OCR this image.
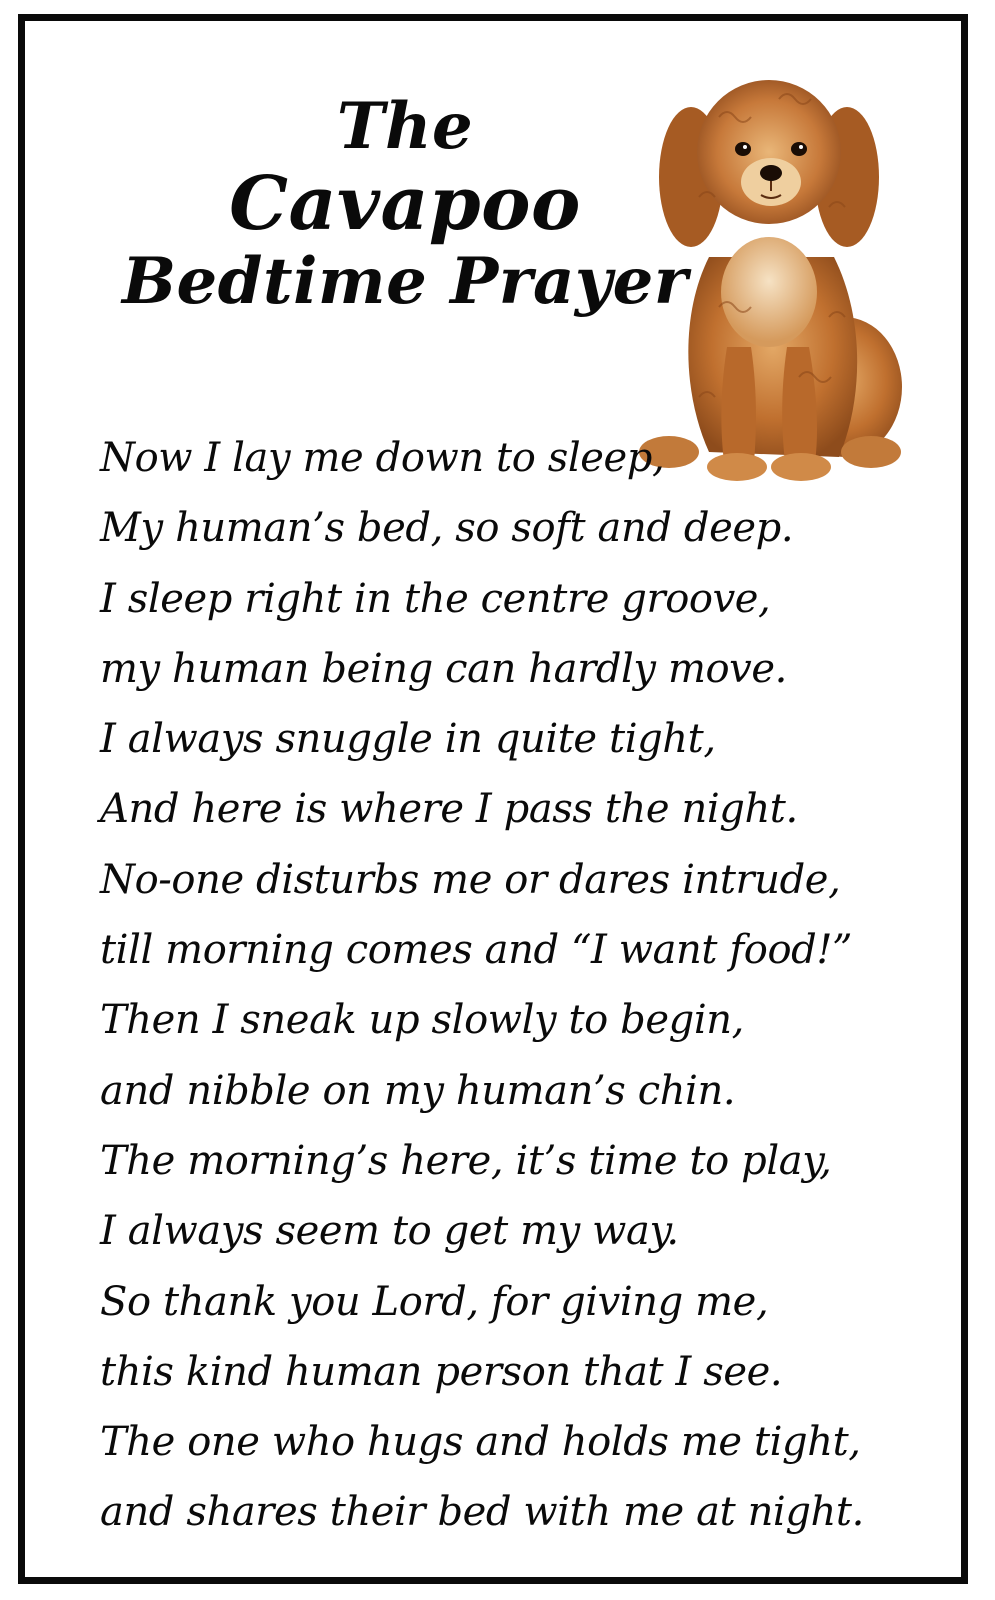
The
Cavapoo
Bedtime Prayer
Now I lay me down to sleep,
My human’s bed, so soft and deep.
I sleep right in the centre groove,
my human being can hardly move.
I always snuggle in quite tight,
And here is where I pass the night.
No-one disturbs me or dares intrude,
till morning comes and “I want food!”
Then I sneak up slowly to begin,
and nibble on my human’s chin.
The morning’s here, it’s time to play,
I always seem to get my way.
So thank you Lord, for giving me,
this kind human person that I see.
The one who hugs and holds me tight,
and shares their bed with me at night.
